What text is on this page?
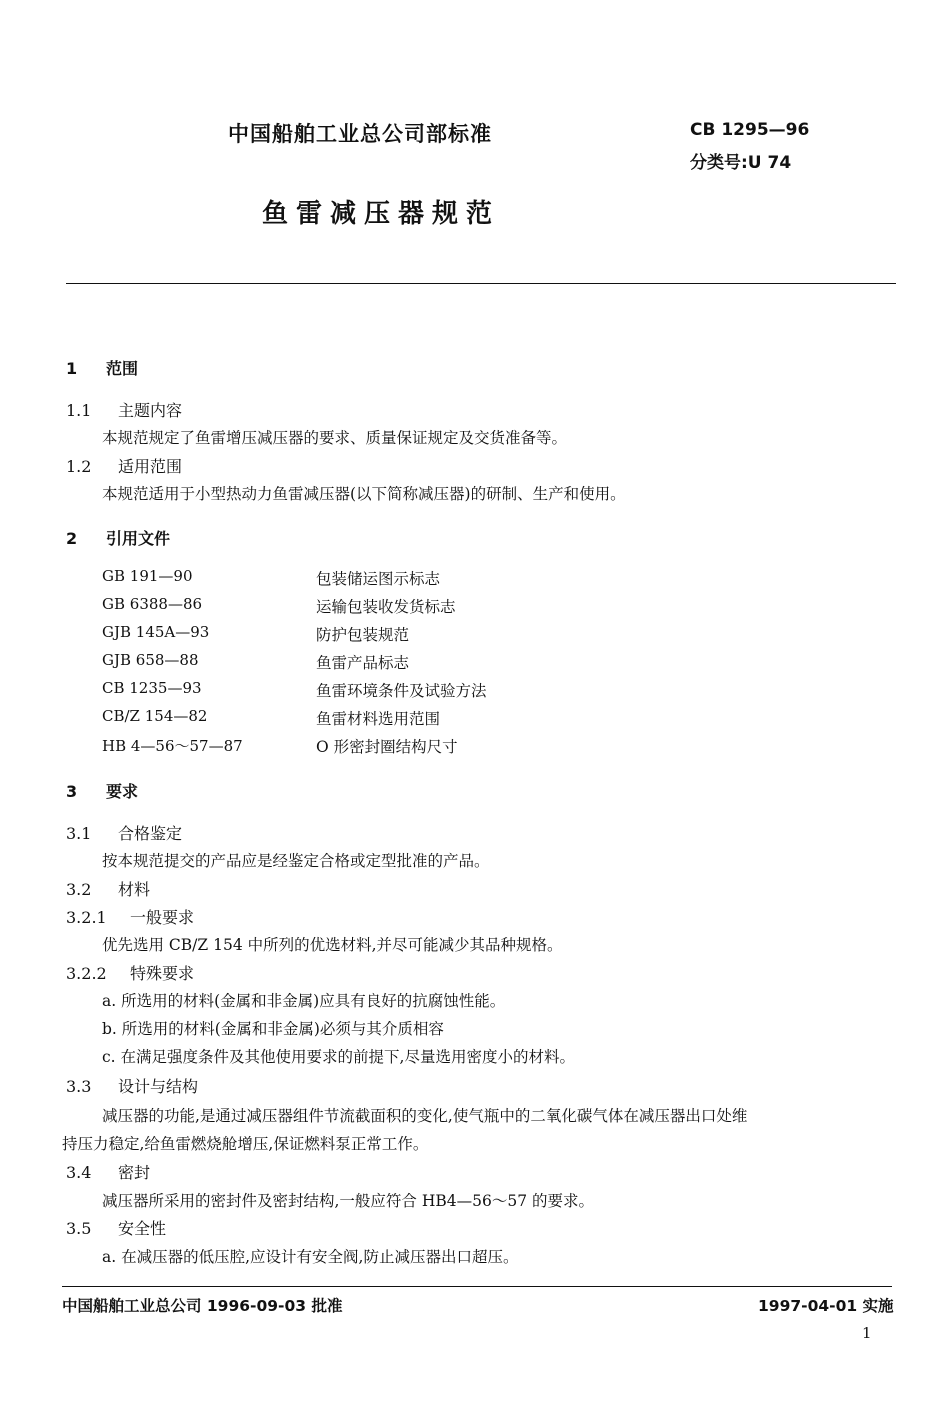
中国船舶工业总公司部标准	CB 1295—96
分类号:U 74
鱼雷减压器规范
1 范围
1.1 主题内容
本规范规定了鱼雷增压减压器的要求、质量保证规定及交货准备等。
1.2 适用范围
本规范适用于小型热动力鱼雷减压器(以下简称减压器)的研制、生产和使用。
2 引用文件
GB 191—90	包装储运图示标志
GB 6388—86	运输包装收发货标志
GJB 145A—93	防护包装规范
GJB 658—88	鱼雷产品标志
CB 1235—93	鱼雷环境条件及试验方法
CB/Z 154—82	鱼雷材料选用范围
HB 4—56～57—87	O 形密封圈结构尺寸
3 要求
3.1 合格鉴定
按本规范提交的产品应是经鉴定合格或定型批准的产品。
3.2 材料
3.2.1 一般要求
优先选用 CB/Z 154 中所列的优选材料,并尽可能减少其品种规格。
3.2.2 特殊要求
a. 所选用的材料(金属和非金属)应具有良好的抗腐蚀性能。
b. 所选用的材料(金属和非金属)必须与其介质相容
c. 在满足强度条件及其他使用要求的前提下,尽量选用密度小的材料。
3.3 设计与结构
减压器的功能,是通过减压器组件节流截面积的变化,使气瓶中的二氧化碳气体在减压器出口处维
持压力稳定,给鱼雷燃烧舱增压,保证燃料泵正常工作。
3.4 密封
减压器所采用的密封件及密封结构,一般应符合 HB4—56～57 的要求。
3.5 安全性
a. 在减压器的低压腔,应设计有安全阀,防止减压器出口超压。
中国船舶工业总公司 1996-09-03 批准	1997-04-01 实施
1
